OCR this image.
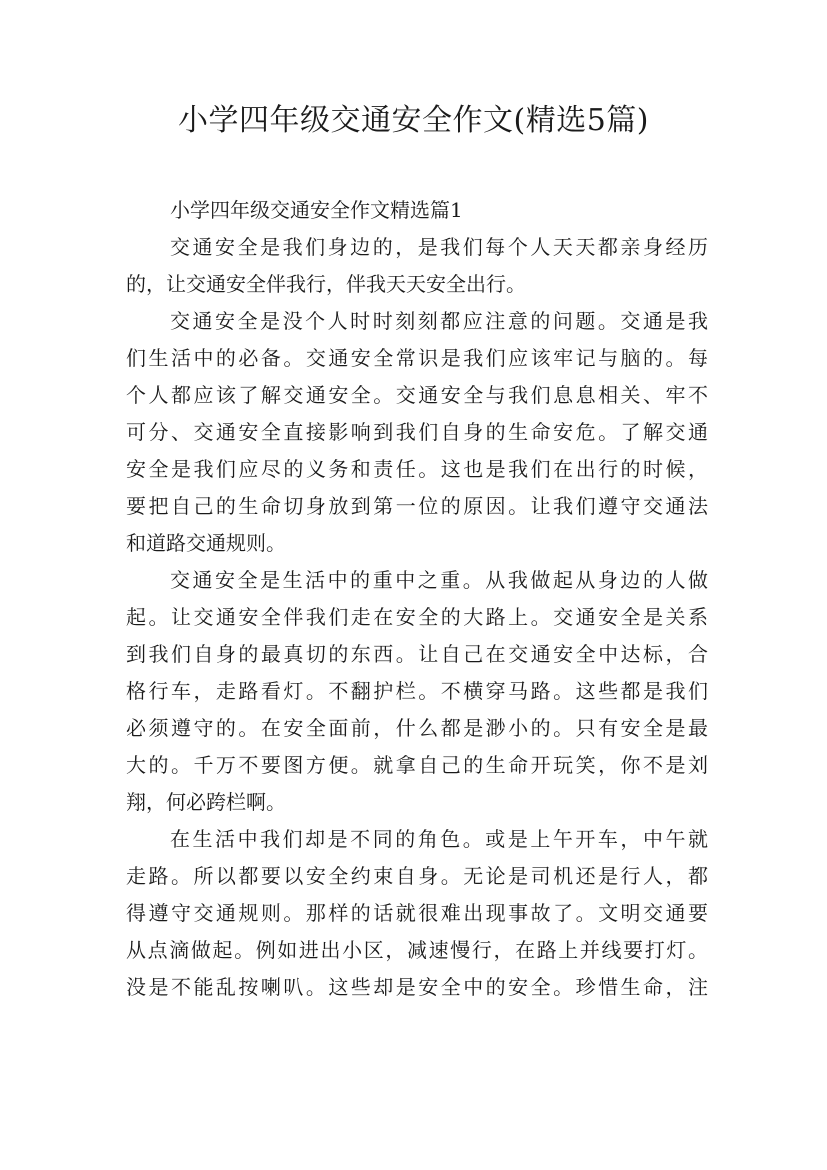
小学四年级交通安全作文(精选5篇)

小学四年级交通安全作文精选篇1

交通安全是我们身边的，是我们每个人天天都亲身经历
的，让交通安全伴我行，伴我天天安全出行。

交通安全是没个人时时刻刻都应注意的问题。交通是我
们生活中的必备。交通安全常识是我们应该牢记与脑的。每
个人都应该了解交通安全。交通安全与我们息息相关、牢不
可分、交通安全直接影响到我们自身的生命安危。了解交通
安全是我们应尽的义务和责任。这也是我们在出行的时候，
要把自己的生命切身放到第一位的原因。让我们遵守交通法
和道路交通规则。

交通安全是生活中的重中之重。从我做起从身边的人做
起。让交通安全伴我们走在安全的大路上。交通安全是关系
到我们自身的最真切的东西。让自己在交通安全中达标，合
格行车，走路看灯。不翻护栏。不横穿马路。这些都是我们
必须遵守的。在安全面前，什么都是渺小的。只有安全是最
大的。千万不要图方便。就拿自己的生命开玩笑，你不是刘
翔，何必跨栏啊。

在生活中我们却是不同的角色。或是上午开车，中午就
走路。所以都要以安全约束自身。无论是司机还是行人，都
得遵守交通规则。那样的话就很难出现事故了。文明交通要
从点滴做起。例如进出小区，减速慢行，在路上并线要打灯。
没是不能乱按喇叭。这些却是安全中的安全。珍惜生命，注
